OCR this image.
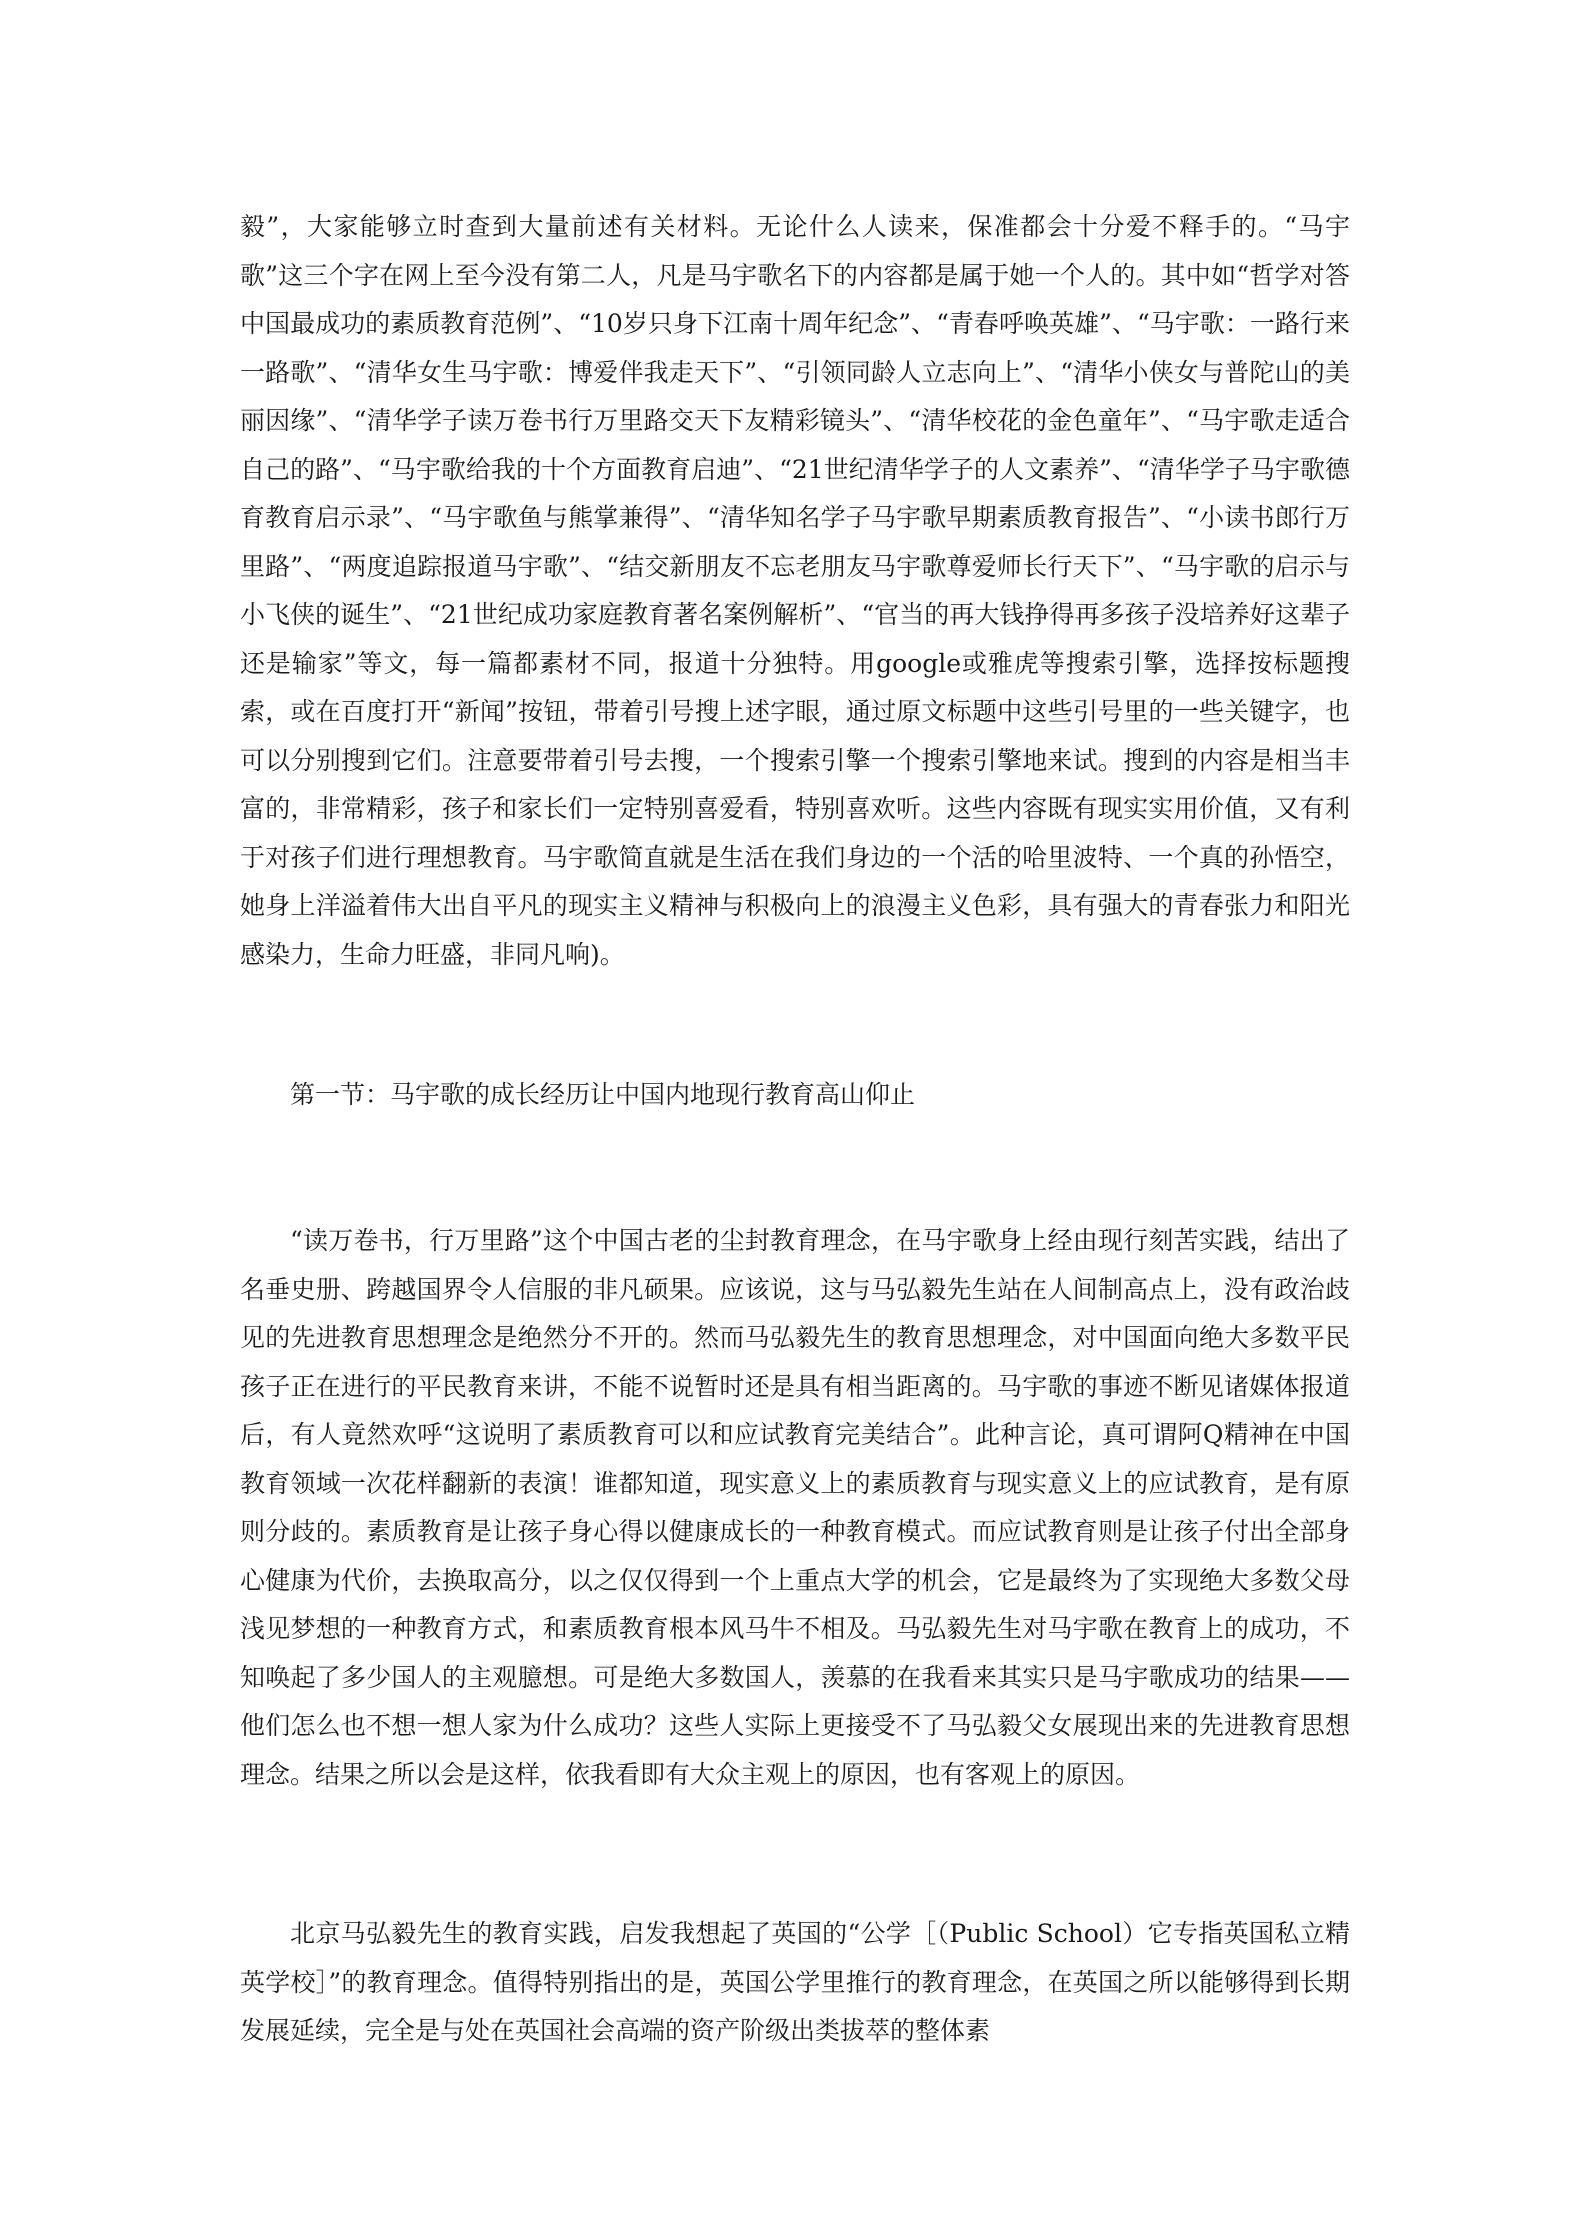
毅”，大家能够立时查到大量前述有关材料。无论什么人读来，保准都会十分爱不释手的。“马宇歌”这三个字在网上至今没有第二人，凡是马宇歌名下的内容都是属于她一个人的。其中如“哲学对答中国最成功的素质教育范例”、“10岁只身下江南十周年纪念”、“青春呼唤英雄”、“马宇歌：一路行来一路歌”、“清华女生马宇歌：博爱伴我走天下”、“引领同龄人立志向上”、“清华小侠女与普陀山的美丽因缘”、“清华学子读万卷书行万里路交天下友精彩镜头”、“清华校花的金色童年”、“马宇歌走适合自己的路”、“马宇歌给我的十个方面教育启迪”、“21世纪清华学子的人文素养”、“清华学子马宇歌德育教育启示录”、“马宇歌鱼与熊掌兼得”、“清华知名学子马宇歌早期素质教育报告”、“小读书郎行万里路”、“两度追踪报道马宇歌”、“结交新朋友不忘老朋友马宇歌尊爱师长行天下”、“马宇歌的启示与小飞侠的诞生”、“21世纪成功家庭教育著名案例解析”、“官当的再大钱挣得再多孩子没培养好这辈子还是输家”等文，每一篇都素材不同，报道十分独特。用google或雅虎等搜索引擎，选择按标题搜索，或在百度打开“新闻”按钮，带着引号搜上述字眼，通过原文标题中这些引号里的一些关键字，也可以分别搜到它们。注意要带着引号去搜，一个搜索引擎一个搜索引擎地来试。搜到的内容是相当丰富的，非常精彩，孩子和家长们一定特别喜爱看，特别喜欢听。这些内容既有现实实用价值，又有利于对孩子们进行理想教育。马宇歌简直就是生活在我们身边的一个活的哈里波特、一个真的孙悟空，她身上洋溢着伟大出自平凡的现实主义精神与积极向上的浪漫主义色彩，具有强大的青春张力和阳光感染力，生命力旺盛，非同凡响)。

第一节：马宇歌的成长经历让中国内地现行教育高山仰止

“读万卷书，行万里路”这个中国古老的尘封教育理念，在马宇歌身上经由现行刻苦实践，结出了名垂史册、跨越国界令人信服的非凡硕果。应该说，这与马弘毅先生站在人间制高点上，没有政治歧见的先进教育思想理念是绝然分不开的。然而马弘毅先生的教育思想理念，对中国面向绝大多数平民孩子正在进行的平民教育来讲，不能不说暂时还是具有相当距离的。马宇歌的事迹不断见诸媒体报道后，有人竟然欢呼“这说明了素质教育可以和应试教育完美结合”。此种言论，真可谓阿Q精神在中国教育领域一次花样翻新的表演！谁都知道，现实意义上的素质教育与现实意义上的应试教育，是有原则分歧的。素质教育是让孩子身心得以健康成长的一种教育模式。而应试教育则是让孩子付出全部身心健康为代价，去换取高分，以之仅仅得到一个上重点大学的机会，它是最终为了实现绝大多数父母浅见梦想的一种教育方式，和素质教育根本风马牛不相及。马弘毅先生对马宇歌在教育上的成功，不知唤起了多少国人的主观臆想。可是绝大多数国人，羡慕的在我看来其实只是马宇歌成功的结果——他们怎么也不想一想人家为什么成功？这些人实际上更接受不了马弘毅父女展现出来的先进教育思想理念。结果之所以会是这样，依我看即有大众主观上的原因，也有客观上的原因。

北京马弘毅先生的教育实践，启发我想起了英国的“公学［（Public School）它专指英国私立精英学校］”的教育理念。值得特别指出的是，英国公学里推行的教育理念，在英国之所以能够得到长期发展延续，完全是与处在英国社会高端的资产阶级出类拔萃的整体素
